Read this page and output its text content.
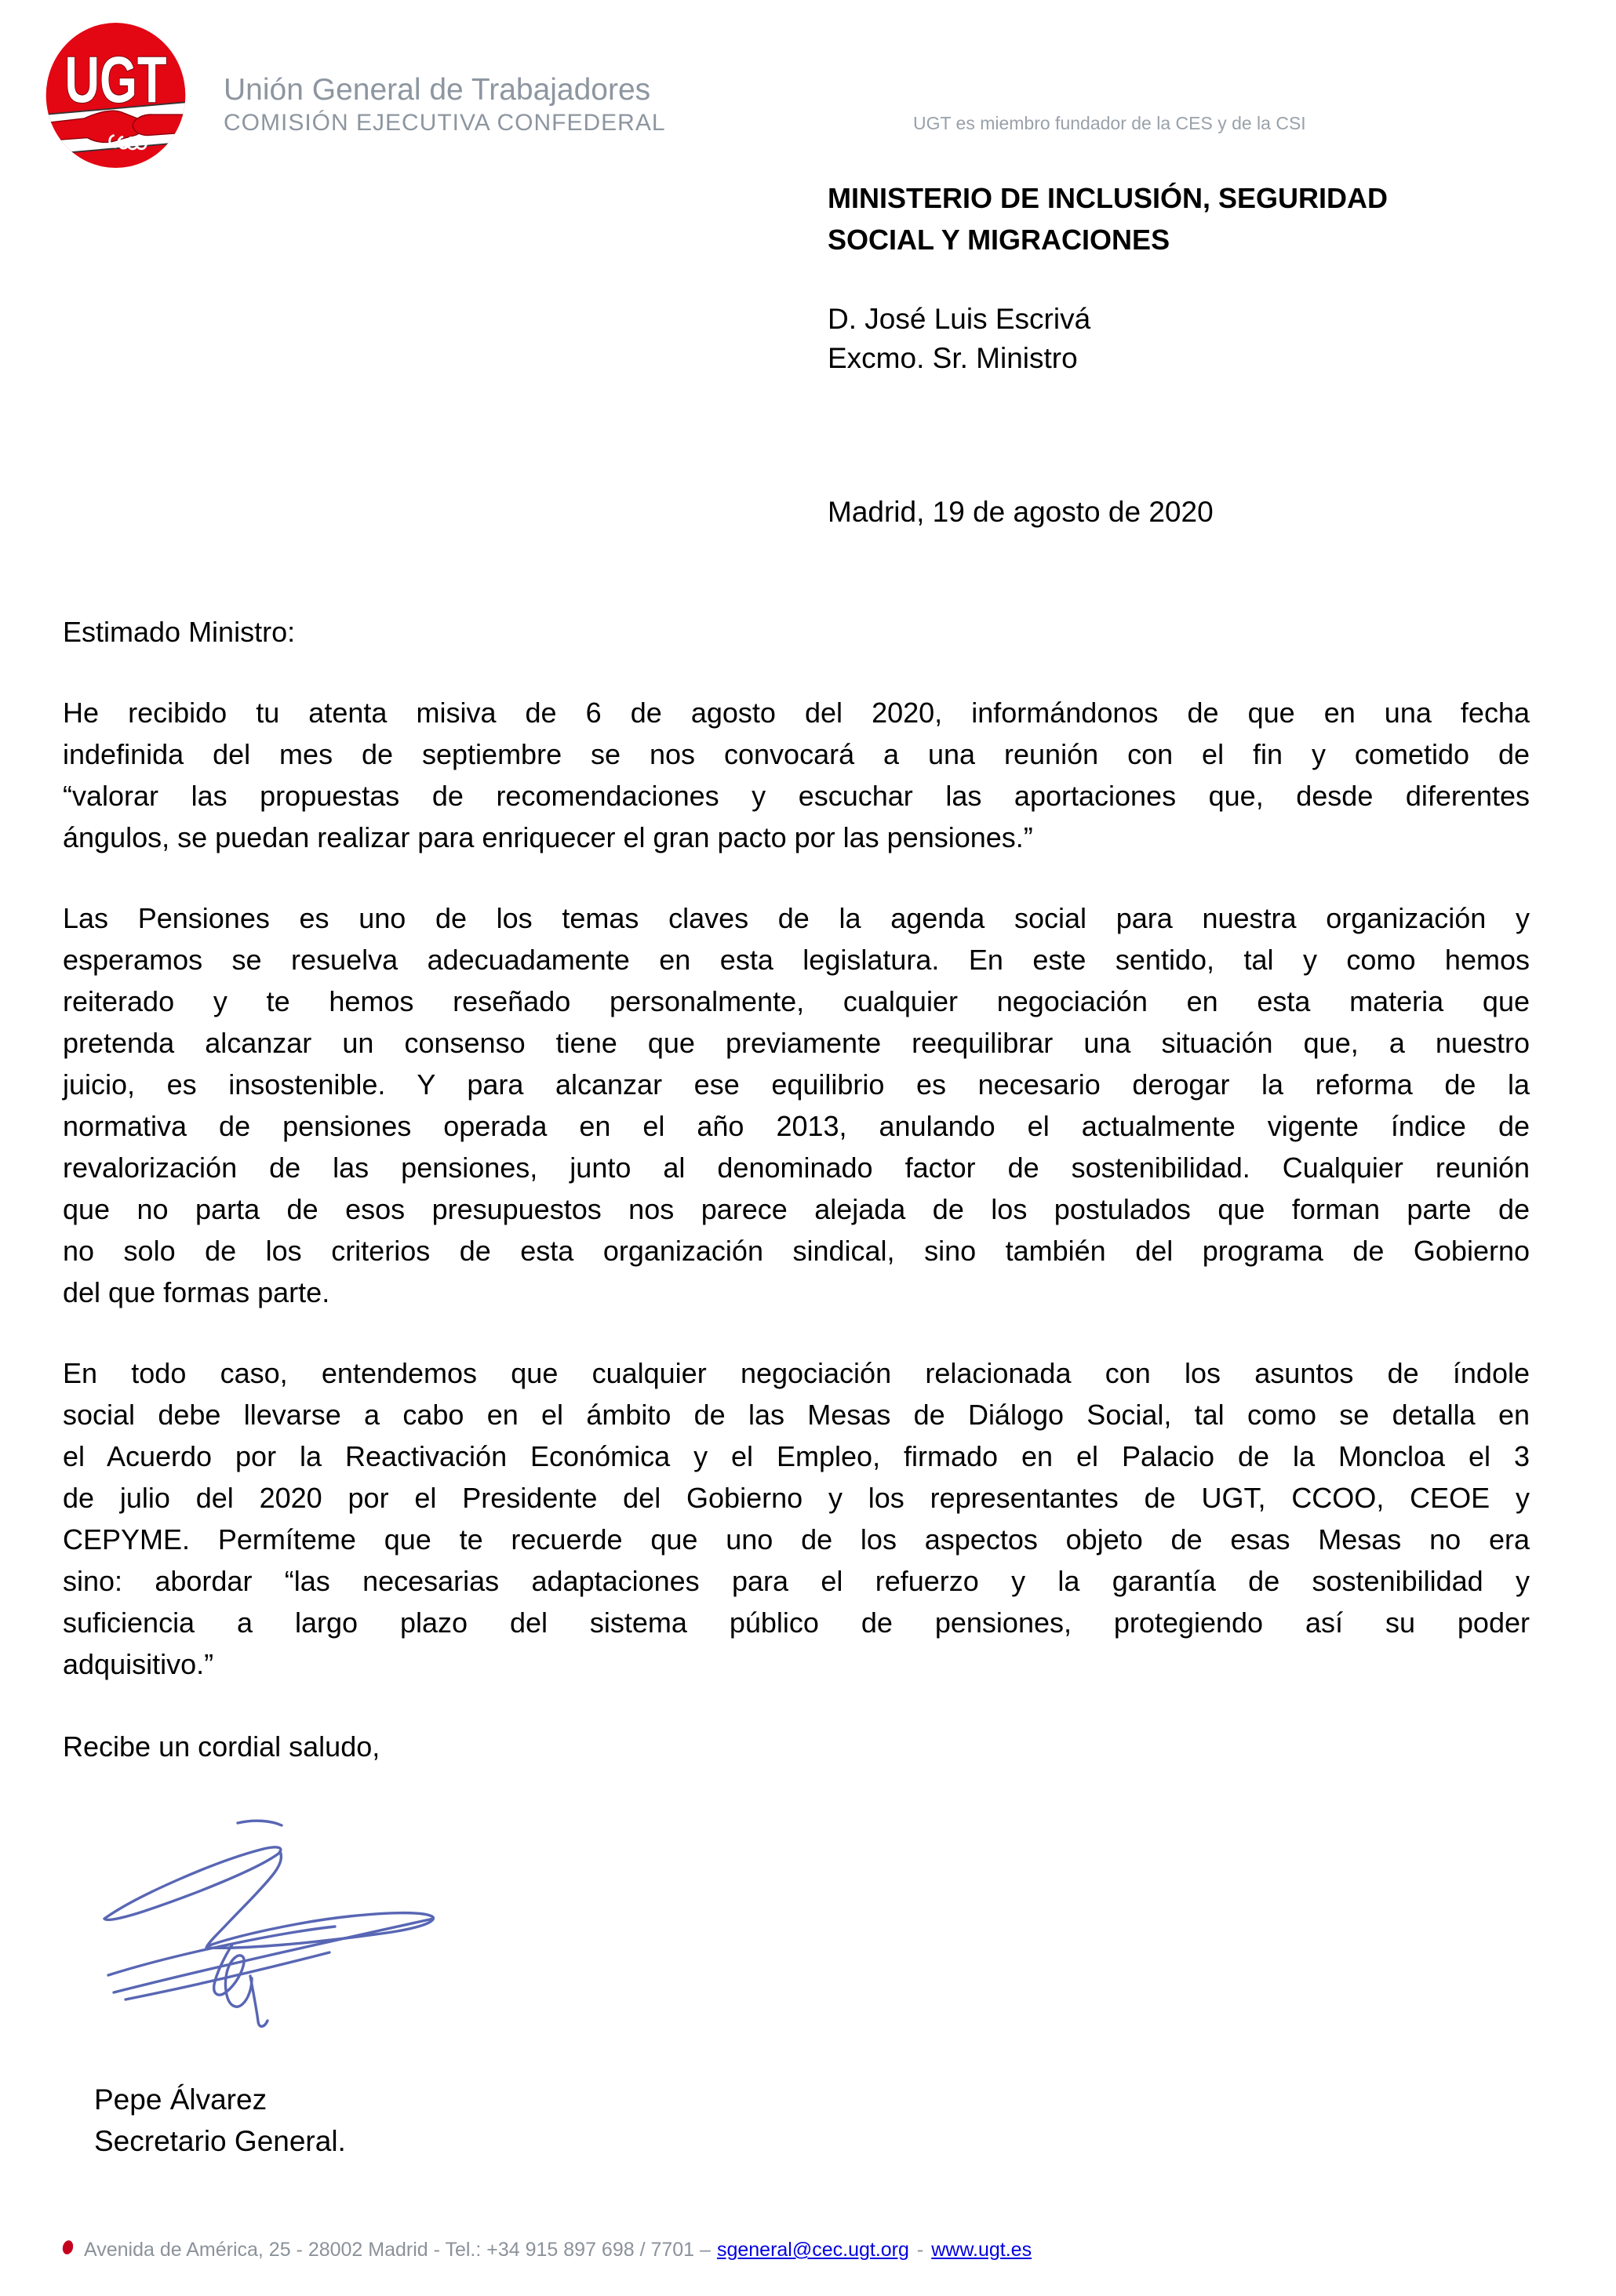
UGT Unión General de Trabajadores
COMISIÓN EJECUTIVA CONFEDERAL	UGT es miembro fundador de la CES y de la CSI
MINISTERIO DE INCLUSIÓN, SEGURIDAD
SOCIAL Y MIGRACIONES
D. José Luis Escrivá
Excmo. Sr. Ministro
Madrid, 19 de agosto de 2020
Estimado Ministro:
He recibido tu atenta misiva de 6 de agosto del 2020, informándonos de que en una fecha
indefinida del mes de septiembre se nos convocará a una reunión con el fin y cometido de
“valorar las propuestas de recomendaciones y escuchar las aportaciones que, desde diferentes
ángulos, se puedan realizar para enriquecer el gran pacto por las pensiones.”
Las Pensiones es uno de los temas claves de la agenda social para nuestra organización y
esperamos se resuelva adecuadamente en esta legislatura. En este sentido, tal y como hemos
reiterado y te hemos reseñado personalmente, cualquier negociación en esta materia que
pretenda alcanzar un consenso tiene que previamente reequilibrar una situación que, a nuestro
juicio, es insostenible. Y para alcanzar ese equilibrio es necesario derogar la reforma de la
normativa de pensiones operada en el año 2013, anulando el actualmente vigente índice de
revalorización de las pensiones, junto al denominado factor de sostenibilidad. Cualquier reunión
que no parta de esos presupuestos nos parece alejada de los postulados que forman parte de
no solo de los criterios de esta organización sindical, sino también del programa de Gobierno
del que formas parte.
En todo caso, entendemos que cualquier negociación relacionada con los asuntos de índole
social debe llevarse a cabo en el ámbito de las Mesas de Diálogo Social, tal como se detalla en
el Acuerdo por la Reactivación Económica y el Empleo, firmado en el Palacio de la Moncloa el 3
de julio del 2020 por el Presidente del Gobierno y los representantes de UGT, CCOO, CEOE y
CEPYME. Permíteme que te recuerde que uno de los aspectos objeto de esas Mesas no era
sino: abordar “las necesarias adaptaciones para el refuerzo y la garantía de sostenibilidad y
suficiencia a largo plazo del sistema público de pensiones, protegiendo así su poder
adquisitivo.”
Recibe un cordial saludo,
Pepe Álvarez
Secretario General.
Avenida de América, 25 - 28002 Madrid - Tel.: +34 915 897 698 / 7701 – sgeneral@cec.ugt.org - www.ugt.es
